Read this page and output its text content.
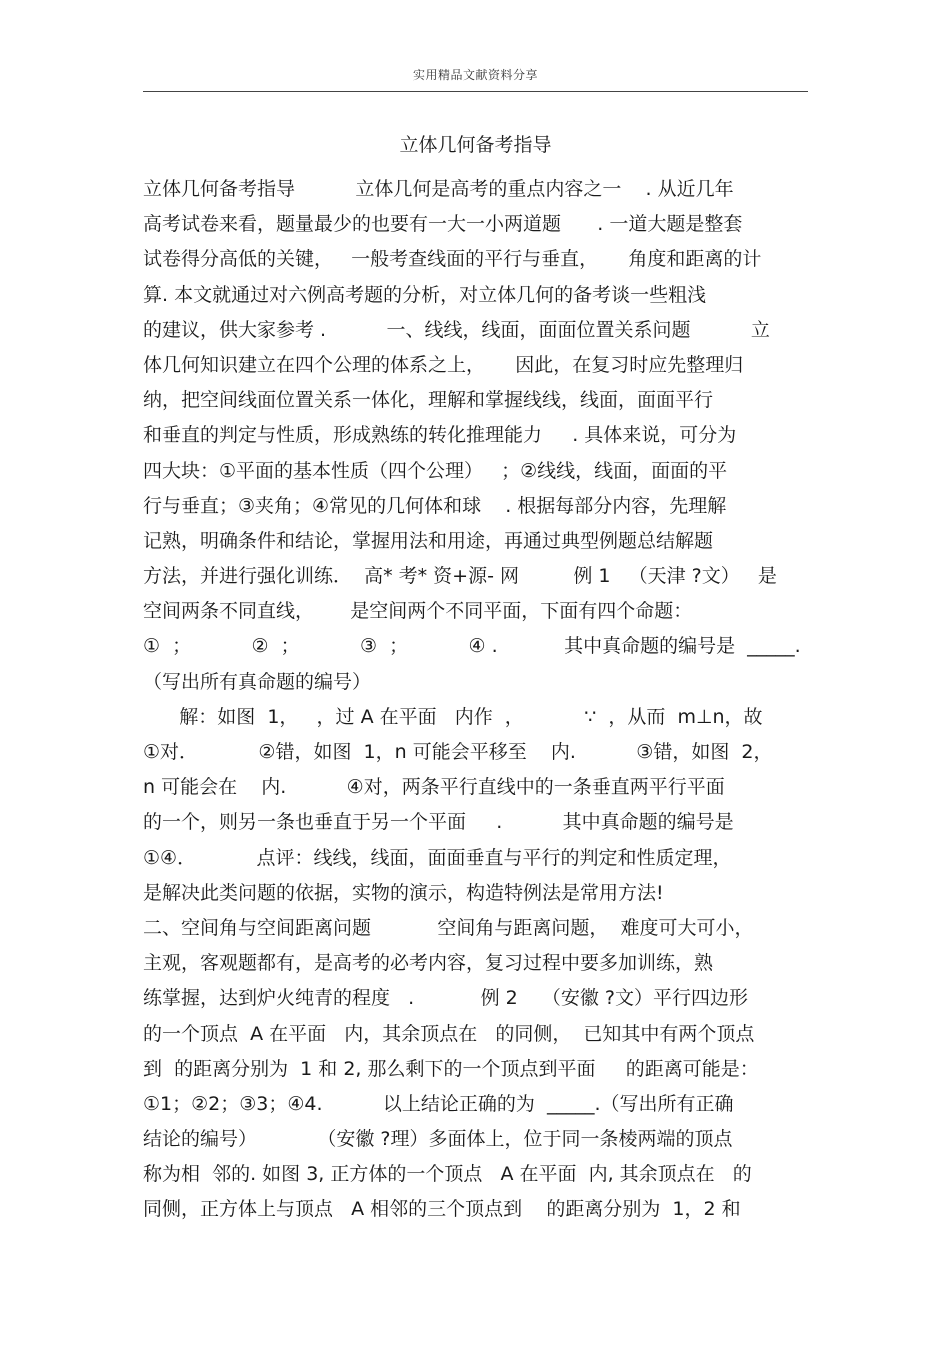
实用精品文献资料分享
立体几何备考指导
立体几何备考指导          立体几何是高考的重点内容之一    . 从近几年
高考试卷来看，题量最少的也要有一大一小两道题      . 一道大题是整套
试卷得分高低的关键，   一般考查线面的平行与垂直，     角度和距离的计
算. 本文就通过对六例高考题的分析，对立体几何的备考谈一些粗浅
的建议，供大家参考 .          一、线线，线面，面面位置关系问题          立
体几何知识建立在四个公理的体系之上，     因此，在复习时应先整理归
纳，把空间线面位置关系一体化，理解和掌握线线，线面，面面平行
和垂直的判定与性质，形成熟练的转化推理能力     . 具体来说，可分为
四大块：①平面的基本性质（四个公理）   ；②线线，线面，面面的平
行与垂直；③夹角；④常见的几何体和球    . 根据每部分内容，先理解
记熟，明确条件和结论，掌握用法和用途，再通过典型例题总结解题
方法，并进行强化训练．  高* 考* 资+源- 网         例 1   （天津 ?文）   是
空间两条不同直线，      是空间两个不同平面，下面有四个命题：
①  ；          ②  ；          ③  ；          ④ .           其中真命题的编号是  _____.
（写出所有真命题的编号）
解：如图  1，   ，过 A 在平面   内作  ，          ∵  ，从而  m⊥n，故
①对．          ②错，如图  1，n 可能会平移至    内.          ③错，如图  2，
n 可能会在    内.          ④对，两条平行直线中的一条垂直两平行平面
的一个，则另一条也垂直于另一个平面     .          其中真命题的编号是
①④．          点评：线线，线面，面面垂直与平行的判定和性质定理，
是解决此类问题的依据，实物的演示，构造特例法是常用方法!
二、空间角与空间距离问题           空间角与距离问题，  难度可大可小，
主观，客观题都有，是高考的必考内容，复习过程中要多加训练，熟
练掌握，达到炉火纯青的程度   .           例 2    （安徽 ?文）平行四边形
的一个顶点  A 在平面   内，其余顶点在   的同侧，  已知其中有两个顶点
到  的距离分别为  1 和 2, 那么剩下的一个顶点到平面     的距离可能是：
①1；②2；③3；④4.          以上结论正确的为  _____.（写出所有正确
结论的编号）          （安徽 ?理）多面体上，位于同一条棱两端的顶点
称为相  邻的. 如图 3, 正方体的一个顶点   A 在平面  内, 其余顶点在   的
同侧，正方体上与顶点   A 相邻的三个顶点到    的距离分别为  1，2 和
